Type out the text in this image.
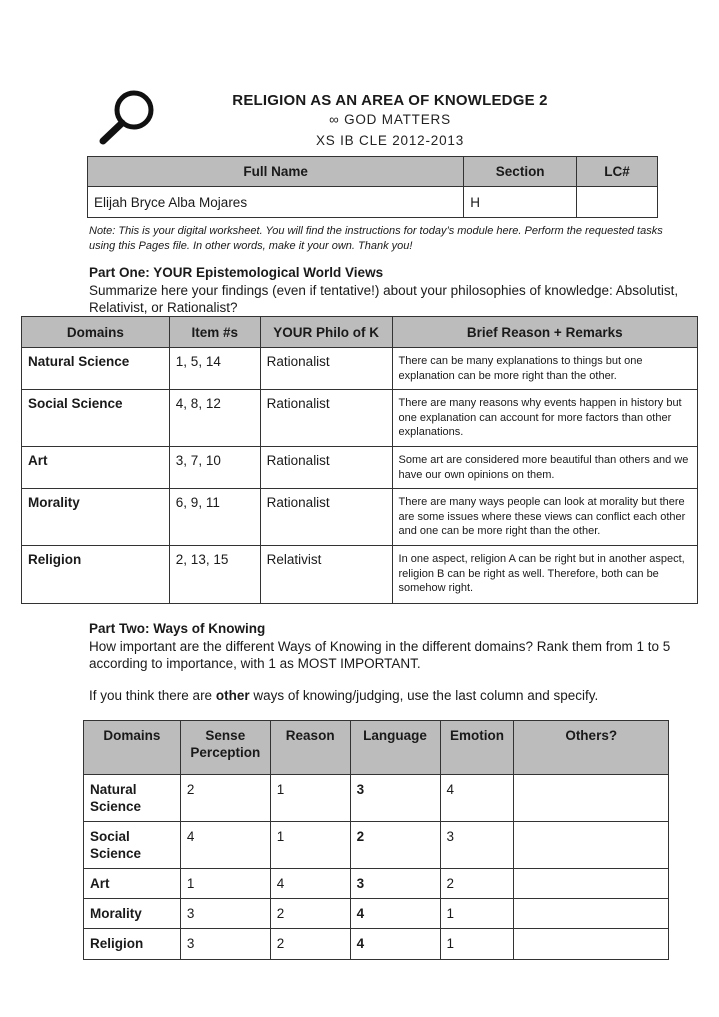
RELIGION AS AN AREA OF KNOWLEDGE 2
∞ GOD MATTERS
XS IB CLE 2012-2013
Full Name	Section	LC#
Elijah Bryce Alba Mojares	H	
Note: This is your digital worksheet. You will find the instructions for today’s module here. Perform the requested tasks using this Pages file. In other words, make it your own. Thank you!
Part One: YOUR Epistemological World Views
Summarize here your findings (even if tentative!) about your philosophies of knowledge: Absolutist, Relativist, or Rationalist?
Domains	Item #s	YOUR Philo of K	Brief Reason + Remarks
Natural Science	1, 5, 14	Rationalist	There can be many explanations to things but one explanation can be more right than the other.
Social Science	4, 8, 12	Rationalist	There are many reasons why events happen in history but one explanation can account for more factors than other explanations.
Art	3, 7, 10	Rationalist	Some art are considered more beautiful than others and we have our own opinions on them.
Morality	6, 9, 11	Rationalist	There are many ways people can look at morality but there are some issues where these views can conflict each other and one can be more right than the other.
Religion	2, 13, 15	Relativist	In one aspect, religion A can be right but in another aspect, religion B can be right as well. Therefore, both can be somehow right.
Part Two: Ways of Knowing
How important are the different Ways of Knowing in the different domains? Rank them from 1 to 5 according to importance, with 1 as MOST IMPORTANT.
If you think there are other ways of knowing/judging, use the last column and specify.
Domains	Sense Perception	Reason	Language	Emotion	Others?
Natural Science	2	1	3	4	
Social Science	4	1	2	3	
Art	1	4	3	2	
Morality	3	2	4	1	
Religion	3	2	4	1	
